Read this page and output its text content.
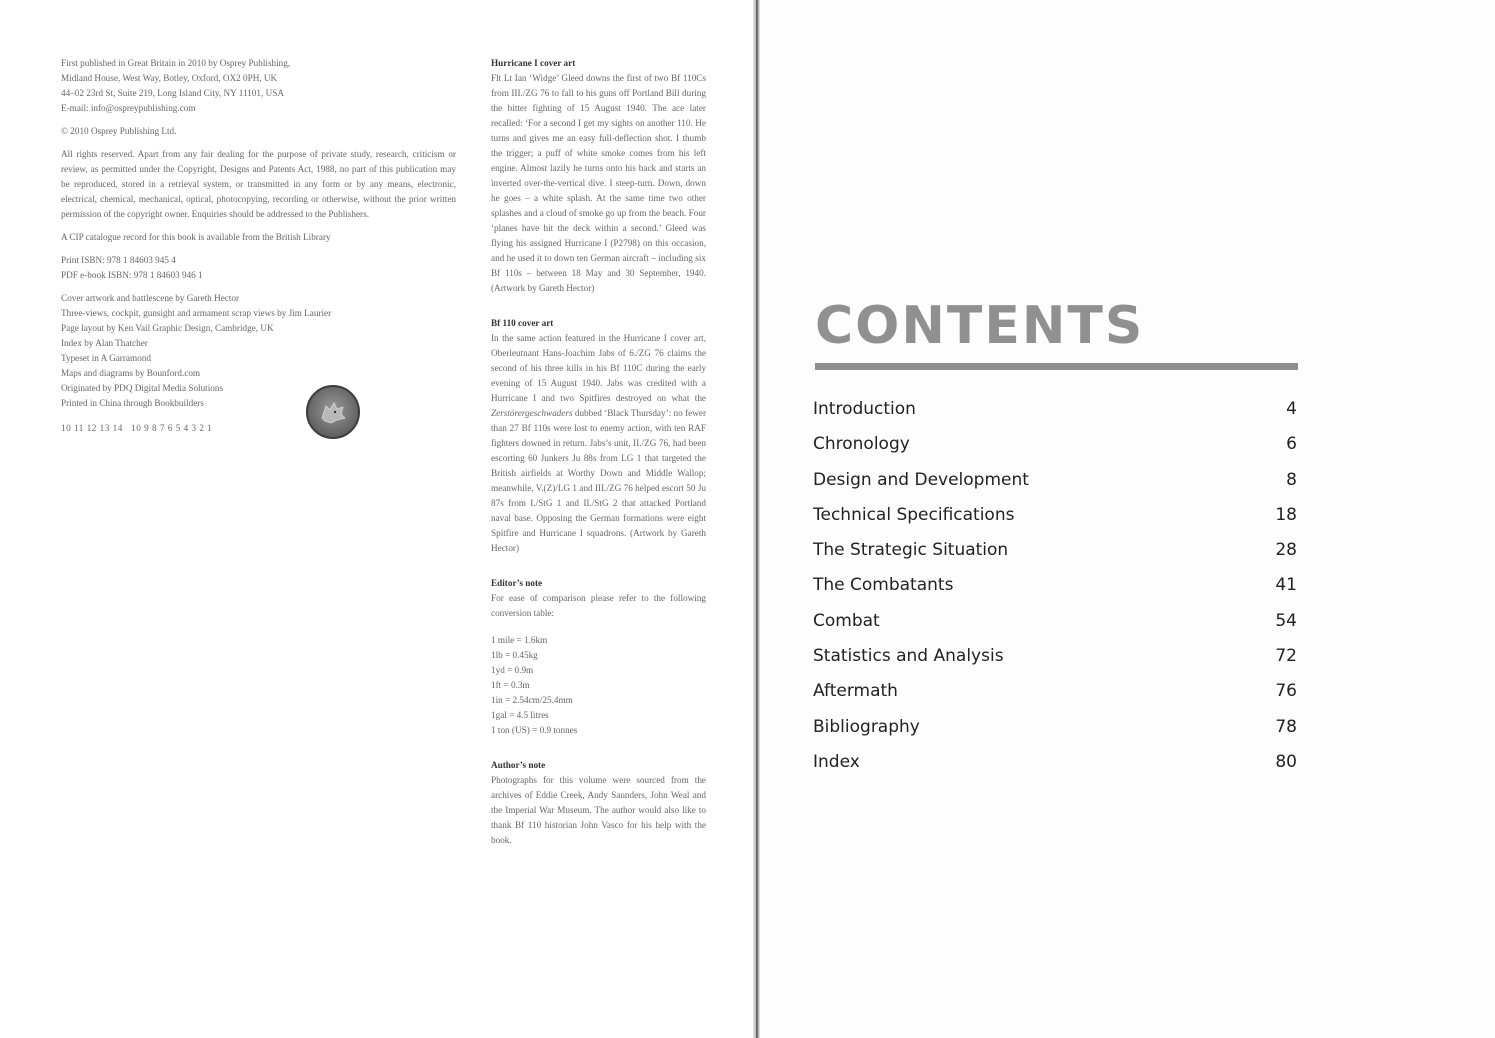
First published in Great Britain in 2010 by Osprey Publishing,
Midland House, West Way, Botley, Oxford, OX2 0PH, UK
44–02 23rd St, Suite 219, Long Island City, NY 11101, USA
E-mail: info@ospreypublishing.com
© 2010 Osprey Publishing Ltd.
All rights reserved. Apart from any fair dealing for the purpose of private study, research, criticism or review, as permitted under the Copyright, Designs and Patents Act, 1988, no part of this publication may be reproduced, stored in a retrieval system, or transmitted in any form or by any means, electronic, electrical, chemical, mechanical, optical, photocopying, recording or otherwise, without the prior written permission of the copyright owner. Enquiries should be addressed to the Publishers.
A CIP catalogue record for this book is available from the British Library
Print ISBN: 978 1 84603 945 4
PDF e-book ISBN: 978 1 84603 946 1
Cover artwork and battlescene by Gareth Hector
Three-views, cockpit, gunsight and armament scrap views by Jim Laurier
Page layout by Ken Vail Graphic Design, Cambridge, UK
Index by Alan Thatcher
Typeset in A Garramond
Maps and diagrams by Bounford.com
Originated by PDQ Digital Media Solutions
Printed in China through Bookbuilders
10 11 12 13 14   10 9 8 7 6 5 4 3 2 1
Hurricane I cover art

Flt Lt Ian ‘Widge’ Gleed downs the first of two Bf 110Cs from III./ZG 76 to fall to his guns off Portland Bill during the bitter fighting of 15 August 1940. The ace later recalled: ‘For a second I get my sights on another 110. He turns and gives me an easy full-deflection shot. I thumb the trigger; a puff of white smoke comes from his left engine. Almost lazily he turns onto his back and starts an inverted over-the-vertical dive. I steep-turn. Down, down he goes – a white splash. At the same time two other splashes and a cloud of smoke go up from the beach. Four ‘planes have hit the deck within a second.’ Gleed was flying his assigned Hurricane I (P2798) on this occasion, and he used it to down ten German aircraft – including six Bf 110s – between 18 May and 30 September, 1940. (Artwork by Gareth Hector)

Bf 110 cover art

In the same action featured in the Hurricane I cover art, Oberleutnant Hans-Joachim Jabs of 6./ZG 76 claims the second of his three kills in his Bf 110C during the early evening of 15 August 1940. Jabs was credited with a Hurricane I and two Spitfires destroyed on what the Zerstörergeschwaders dubbed ‘Black Thursday’: no fewer than 27 Bf 110s were lost to enemy action, with ten RAF fighters downed in return. Jabs’s unit, II./ZG 76, had been escorting 60 Junkers Ju 88s from LG 1 that targeted the British airfields at Worthy Down and Middle Wallop; meanwhile, V.(Z)/LG 1 and III./ZG 76 helped escort 50 Ju 87s from I./StG 1 and II./StG 2 that attacked Portland naval base. Opposing the German formations were eight Spitfire and Hurricane I squadrons. (Artwork by Gareth Hector)

Editor’s note

For ease of comparison please refer to the following conversion table:

1 mile = 1.6km
1lb = 0.45kg
1yd = 0.9m
1ft = 0.3m
1in = 2.54cm/25.4mm
1gal = 4.5 litres
1 ton (US) = 0.9 tonnes
Author’s note

Photographs for this volume were sourced from the archives of Eddie Creek, Andy Saunders, John Weal and the Imperial War Museum. The author would also like to thank Bf 110 historian John Vasco for his help with the book.

CONTENTS
Introduction	4
Chronology	6
Design and Development	8
Technical Specifications	18
The Strategic Situation	28
The Combatants	41
Combat	54
Statistics and Analysis	72
Aftermath	76
Bibliography	78
Index	80
